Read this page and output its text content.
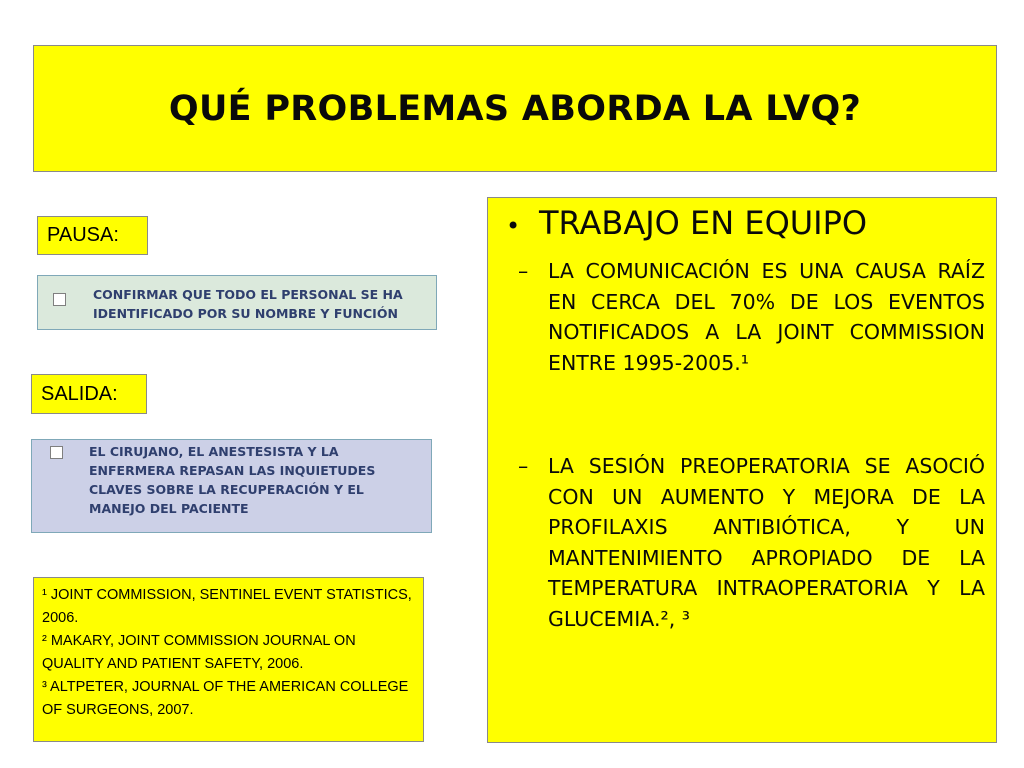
QUÉ PROBLEMAS ABORDA LA LVQ?
PAUSA:
CONFIRMAR QUE TODO EL PERSONAL SE HA IDENTIFICADO POR SU NOMBRE Y FUNCIÓN
SALIDA:
EL CIRUJANO, EL ANESTESISTA Y LA ENFERMERA REPASAN LAS INQUIETUDES CLAVES SOBRE LA RECUPERACIÓN Y EL MANEJO DEL PACIENTE

¹ JOINT COMMISSION, SENTINEL EVENT STATISTICS, 2006.

² MAKARY, JOINT COMMISSION JOURNAL ON QUALITY AND PATIENT SAFETY, 2006.

³ ALTPETER, JOURNAL OF THE AMERICAN COLLEGE OF SURGEONS, 2007.

• TRABAJO EN EQUIPO
– LA COMUNICACIÓN ES UNA CAUSA RAÍZ EN CERCA DEL 70% DE LOS EVENTOS NOTIFICADOS A LA JOINT COMMISSION ENTRE 1995-2005.¹
– LA SESIÓN PREOPERATORIA SE ASOCIÓ CON UN AUMENTO Y MEJORA DE LA PROFILAXIS ANTIBIÓTICA, Y UN MANTENIMIENTO APROPIADO DE LA TEMPERATURA INTRAOPERATORIA Y LA GLUCEMIA.², ³
